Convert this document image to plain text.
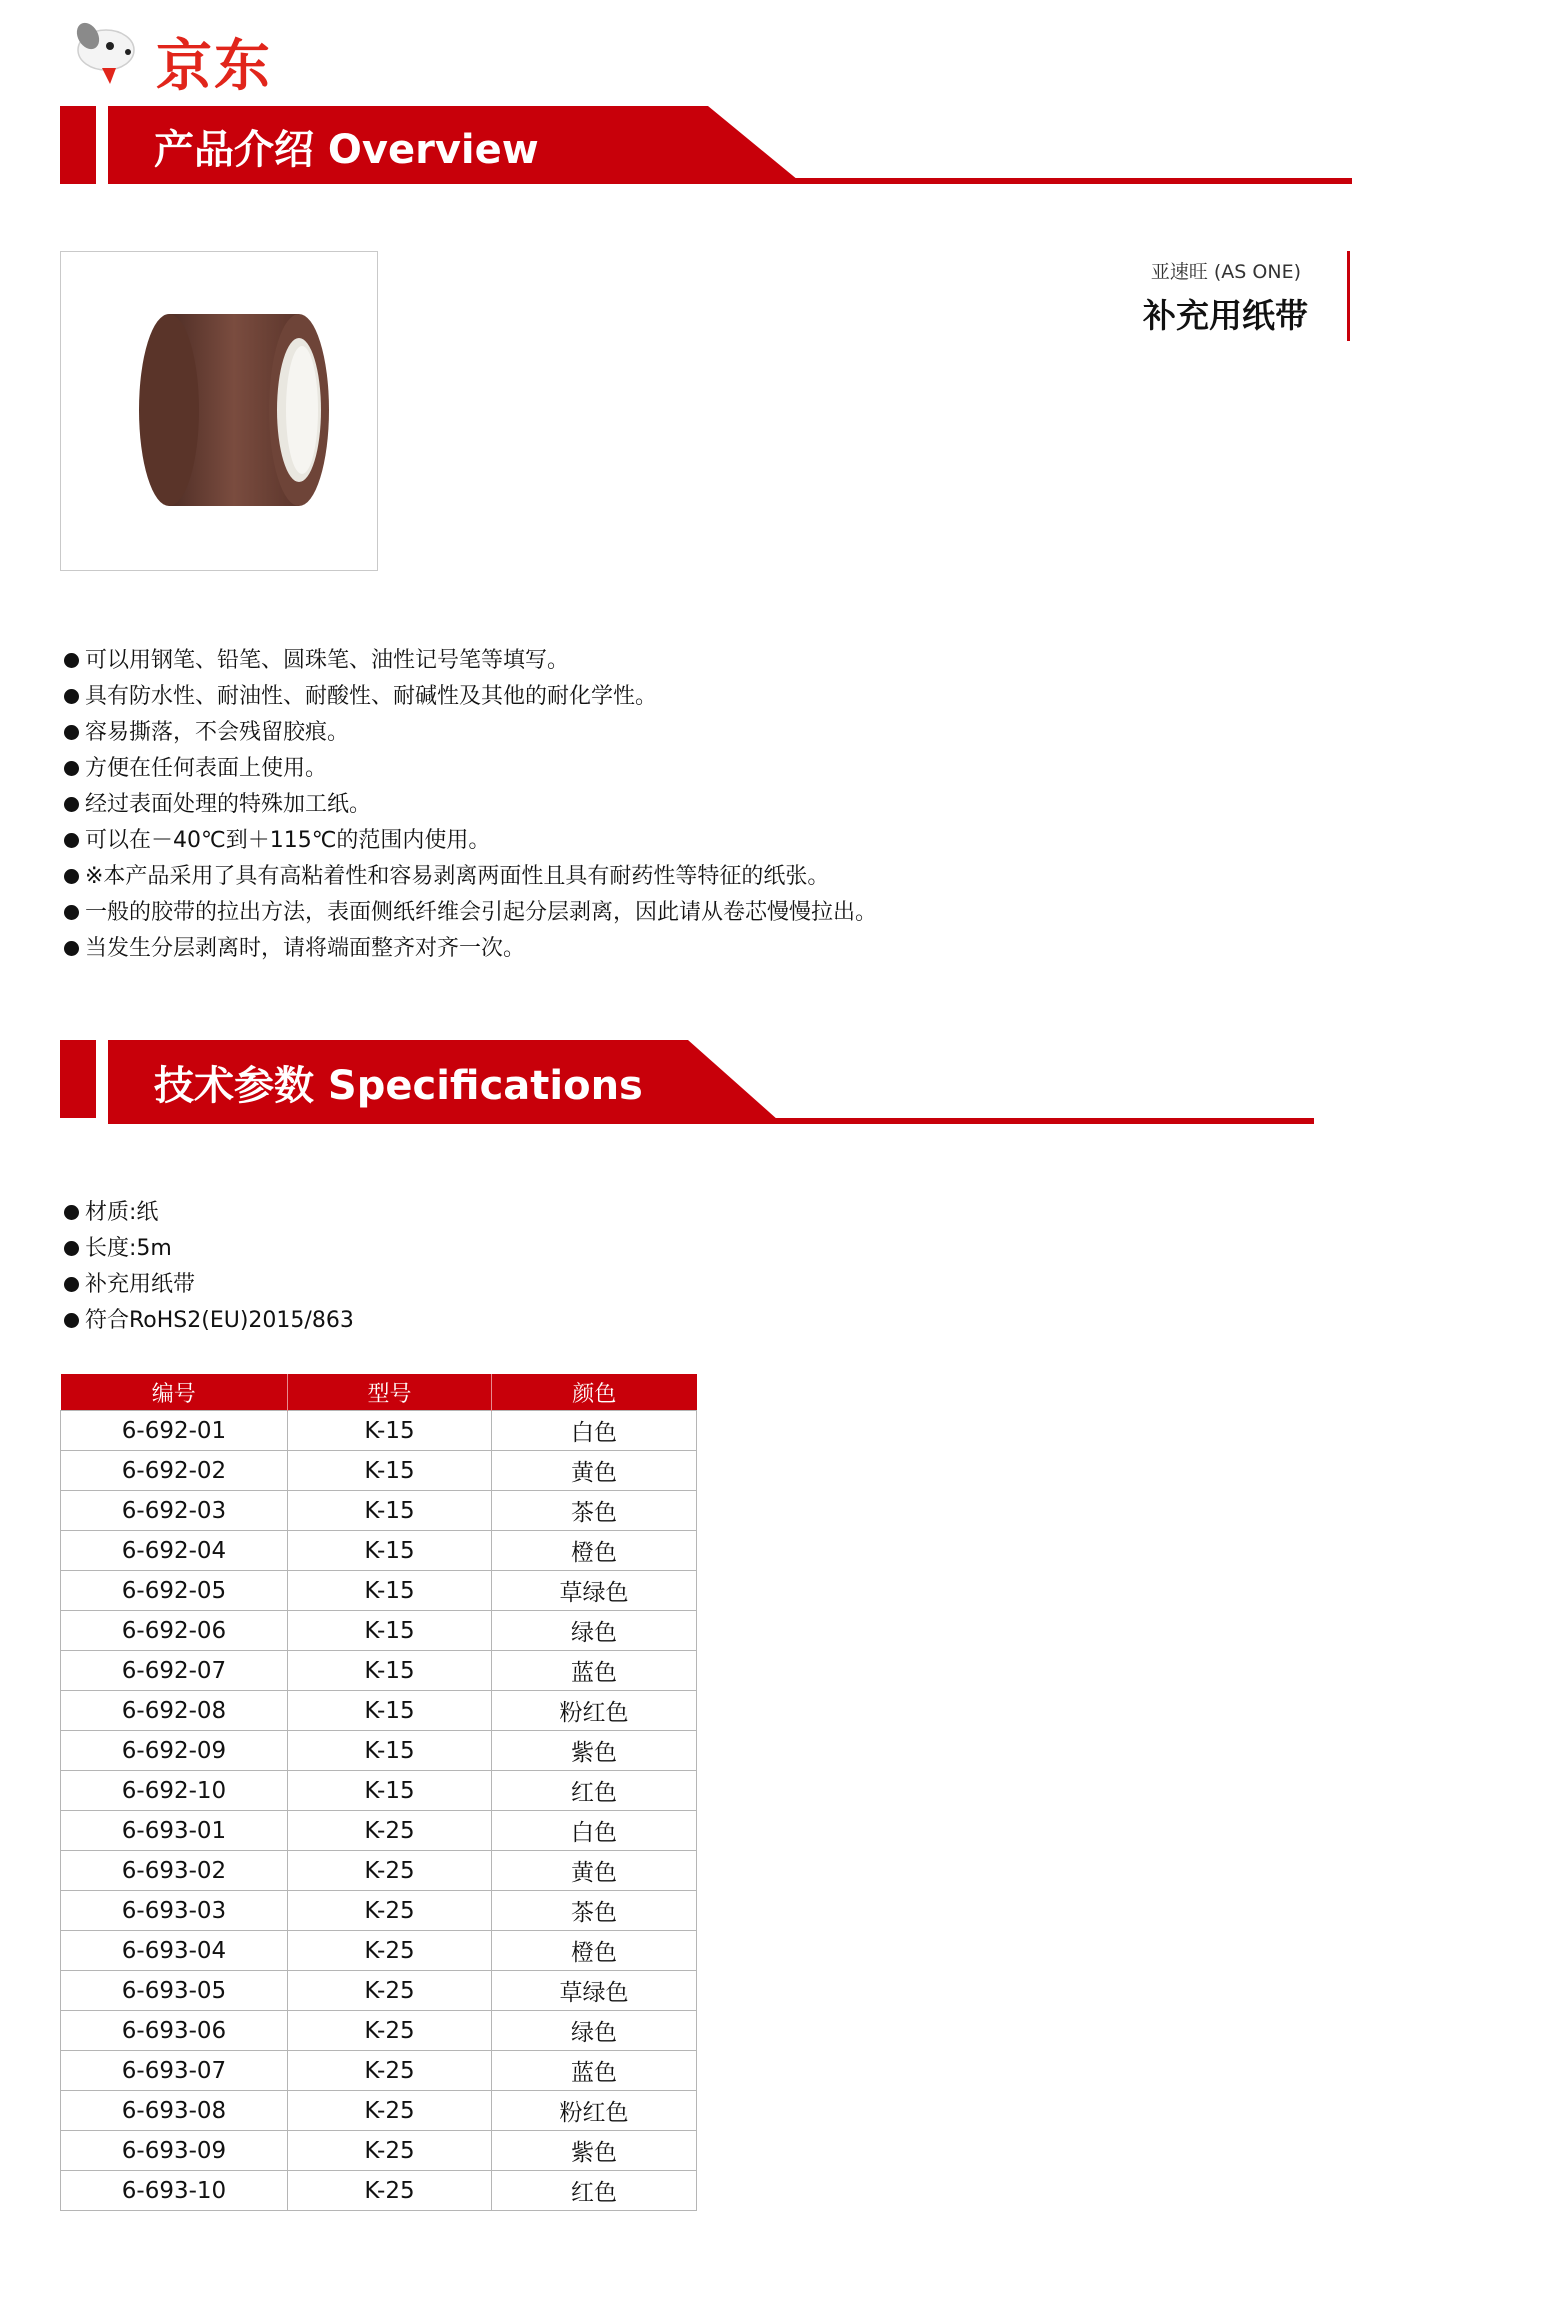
京东
产品介绍 Overview
亚速旺 (AS ONE)
补充用纸带
可以用钢笔、铅笔、圆珠笔、油性记号笔等填写。
具有防水性、耐油性、耐酸性、耐碱性及其他的耐化学性。
容易撕落，不会残留胶痕。
方便在任何表面上使用。
经过表面处理的特殊加工纸。
可以在－40℃到＋115℃的范围内使用。
※本产品采用了具有高粘着性和容易剥离两面性且具有耐药性等特征的纸张。
一般的胶带的拉出方法，表面侧纸纤维会引起分层剥离，因此请从卷芯慢慢拉出。
当发生分层剥离时，请将端面整齐对齐一次。
技术参数 Specifications
材质:纸
长度:5m
补充用纸带
符合RoHS2(EU)2015/863
编号	型号	颜色
6-692-01	K-15	白色
6-692-02	K-15	黄色
6-692-03	K-15	茶色
6-692-04	K-15	橙色
6-692-05	K-15	草绿色
6-692-06	K-15	绿色
6-692-07	K-15	蓝色
6-692-08	K-15	粉红色
6-692-09	K-15	紫色
6-692-10	K-15	红色
6-693-01	K-25	白色
6-693-02	K-25	黄色
6-693-03	K-25	茶色
6-693-04	K-25	橙色
6-693-05	K-25	草绿色
6-693-06	K-25	绿色
6-693-07	K-25	蓝色
6-693-08	K-25	粉红色
6-693-09	K-25	紫色
6-693-10	K-25	红色
